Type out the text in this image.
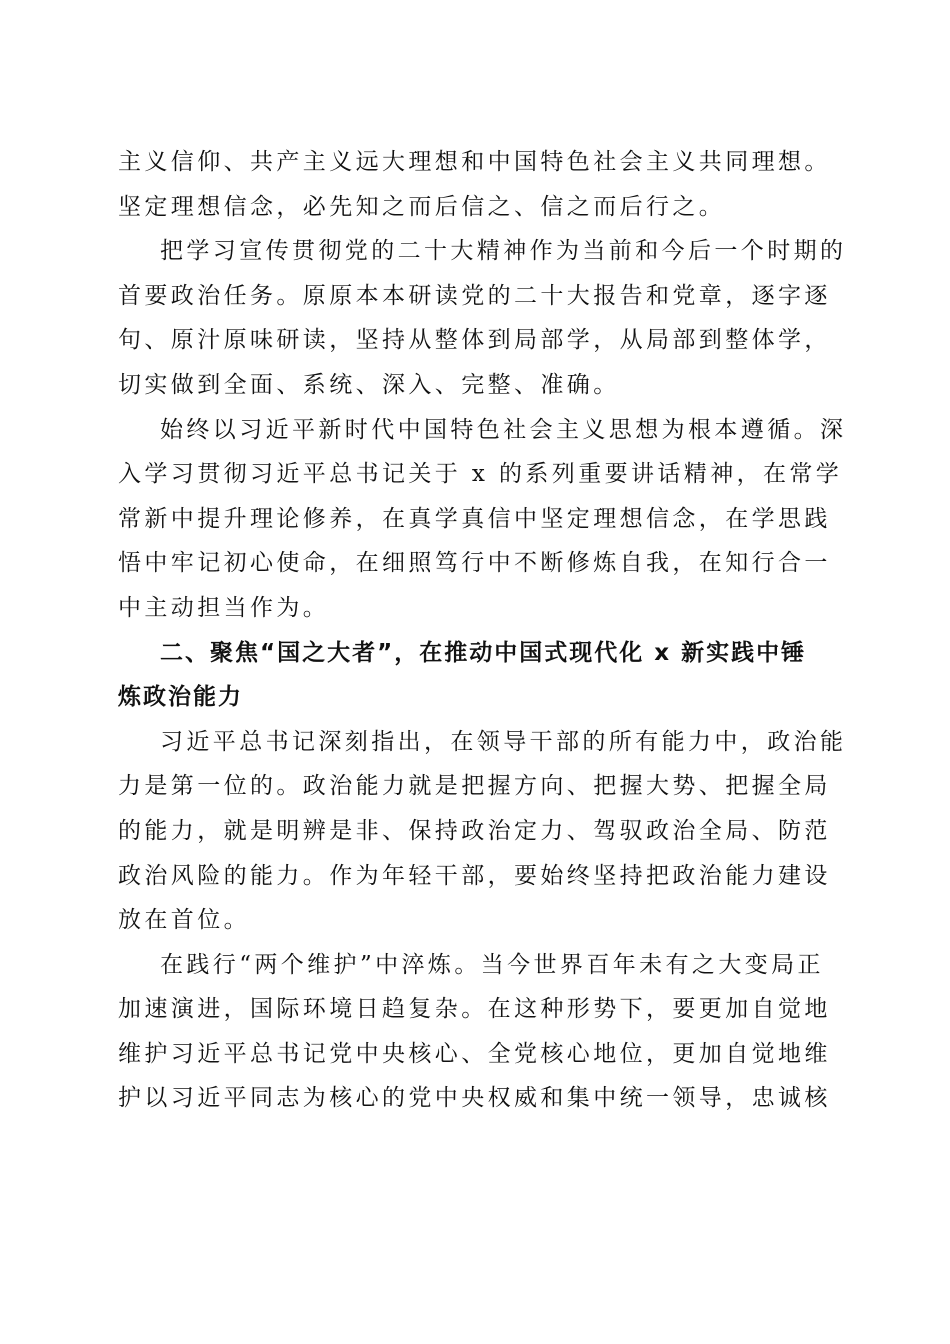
主义信仰、共产主义远大理想和中国特色社会主义共同理想。
坚定理想信念，必先知之而后信之、信之而后行之。
把学习宣传贯彻党的二十大精神作为当前和今后一个时期的
首要政治任务。原原本本研读党的二十大报告和党章，逐字逐
句、原汁原味研读，坚持从整体到局部学，从局部到整体学，
切实做到全面、系统、深入、完整、准确。
始终以习近平新时代中国特色社会主义思想为根本遵循。深
入学习贯彻习近平总书记关于 x 的系列重要讲话精神，在常学
常新中提升理论修养，在真学真信中坚定理想信念，在学思践
悟中牢记初心使命，在细照笃行中不断修炼自我，在知行合一
中主动担当作为。
二、聚焦“国之大者”，在推动中国式现代化 x 新实践中锤
炼政治能力
习近平总书记深刻指出，在领导干部的所有能力中，政治能
力是第一位的。政治能力就是把握方向、把握大势、把握全局
的能力，就是明辨是非、保持政治定力、驾驭政治全局、防范
政治风险的能力。作为年轻干部，要始终坚持把政治能力建设
放在首位。
在践行“两个维护”中淬炼。当今世界百年未有之大变局正
加速演进，国际环境日趋复杂。在这种形势下，要更加自觉地
维护习近平总书记党中央核心、全党核心地位，更加自觉地维
护以习近平同志为核心的党中央权威和集中统一领导，忠诚核
